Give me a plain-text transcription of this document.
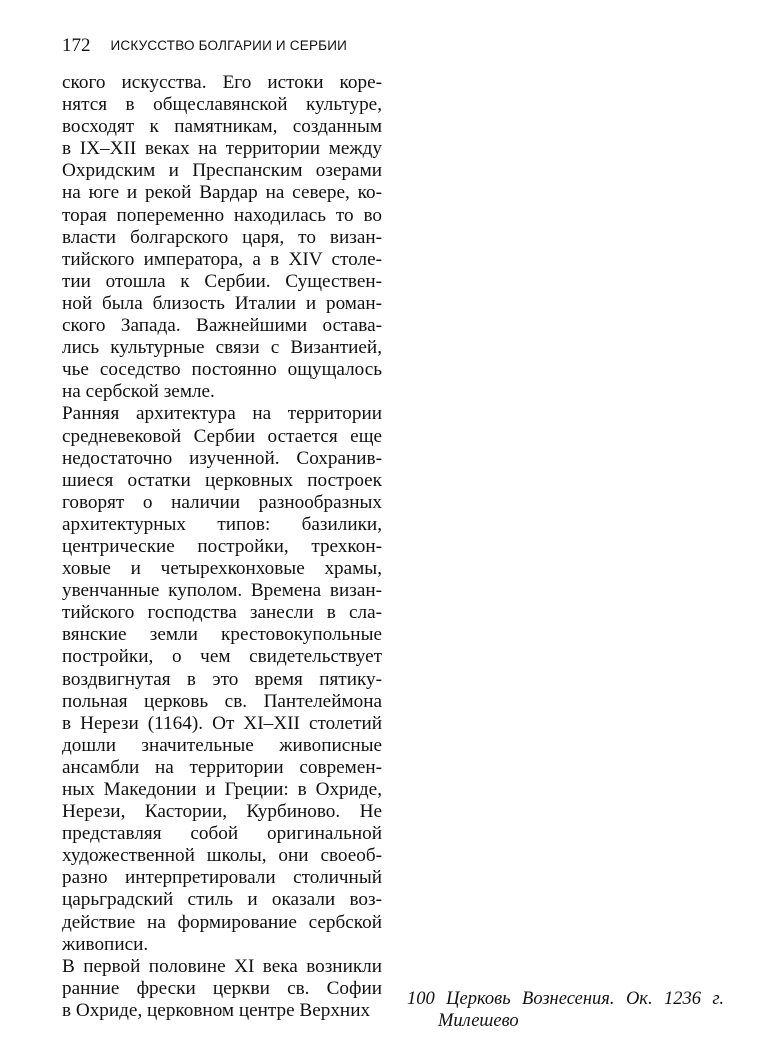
172 ИСКУССТВО БОЛГАРИИ И СЕРБИИ
ского искусства. Его истоки коре-
нятся в общеславянской культуре,
восходят к памятникам, созданным
в IX–XII веках на территории между
Охридским и Преспанским озерами
на юге и рекой Вардар на севере, ко-
торая попеременно находилась то во
власти болгарского царя, то визан-
тийского императора, а в XIV столе-
тии отошла к Сербии. Существен-
ной была близость Италии и роман-
ского Запада. Важнейшими остава-
лись культурные связи с Византией,
чье соседство постоянно ощущалось
на сербской земле.
Ранняя архитектура на территории
средневековой Сербии остается еще
недостаточно изученной. Сохранив-
шиеся остатки церковных построек
говорят о наличии разнообразных
архитектурных типов: базилики,
центрические постройки, трехкон-
ховые и четырехконховые храмы,
увенчанные куполом. Времена визан-
тийского господства занесли в сла-
вянские земли крестовокупольные
постройки, о чем свидетельствует
воздвигнутая в это время пятику-
польная церковь св. Пантелеймона
в Нерези (1164). От XI–XII столетий
дошли значительные живописные
ансамбли на территории современ-
ных Македонии и Греции: в Охриде,
Нерези, Кастории, Курбиново. Не
представляя собой оригинальной
художественной школы, они своеоб-
разно интерпретировали столичный
царьградский стиль и оказали воз-
действие на формирование сербской
живописи.
В первой половине XI века возникли
ранние фрески церкви св. Софии
в Охриде, церковном центре Верхних
100 Церковь Вознесения. Ок. 1236 г.
Милешево
